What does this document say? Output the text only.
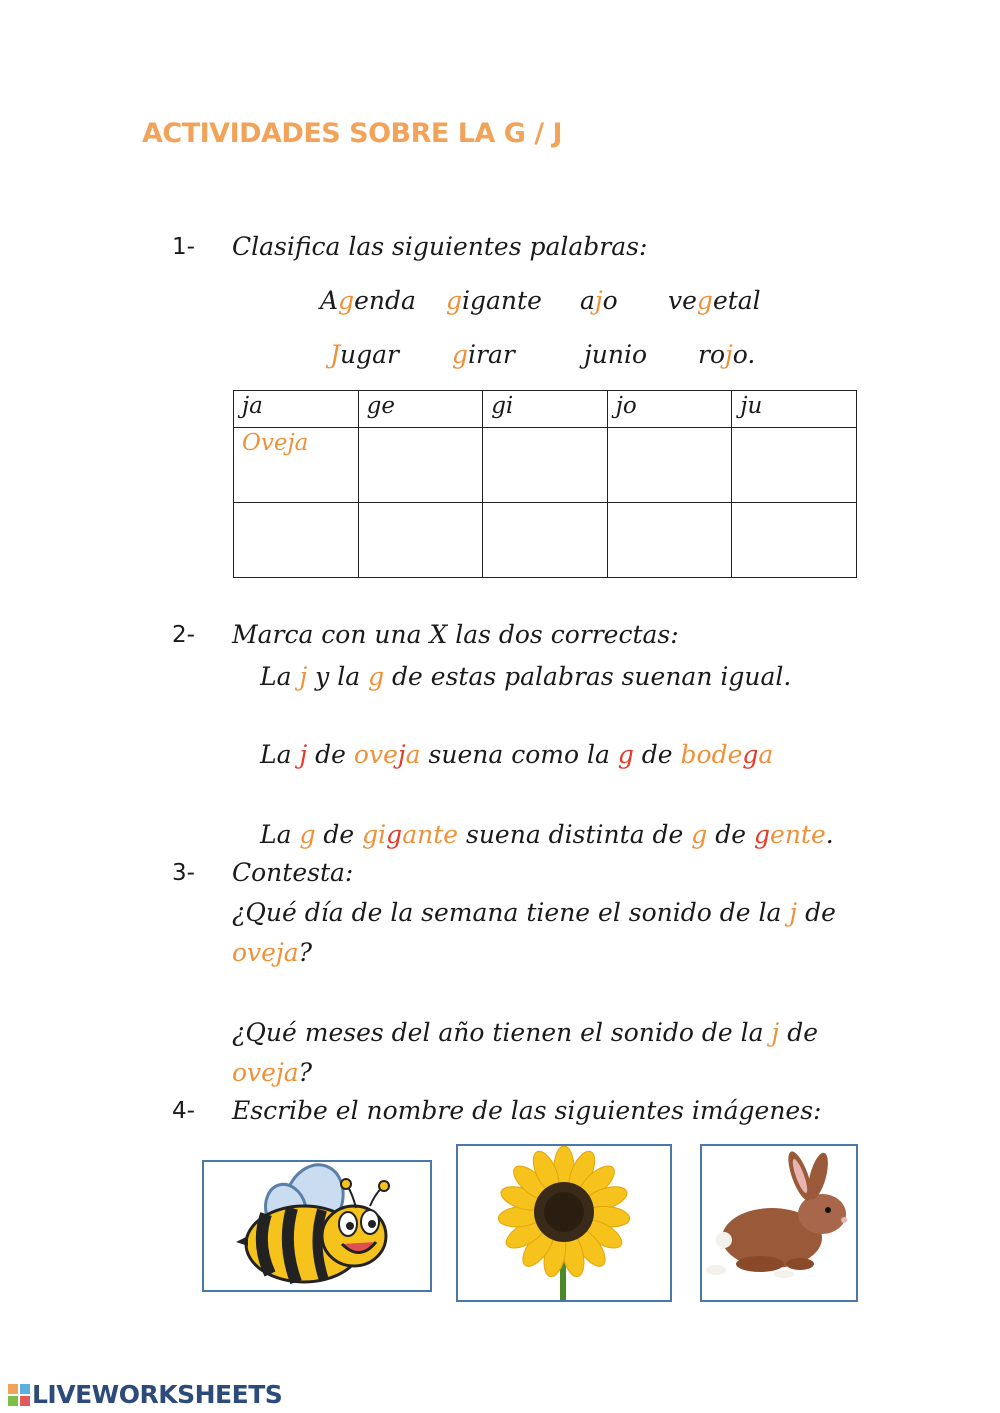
ACTIVIDADES SOBRE LA G / J
1- Clasifica las siguientes palabras:
Agenda gigante ajo vegetal
Jugar girar	junio rojo.
ja	ge	gi	jo	ju
Oveja				

2- Marca con una X las dos correctas:
La j y la g de estas palabras suenan igual.
La j de oveja suena como la g de bodega
La g de gigante suena distinta de g de gente.
3- Contesta:
¿Qué día de la semana tiene el sonido de la j de
oveja?
¿Qué meses del año tienen el sonido de la j de
oveja?
4- Escribe el nombre de las siguientes imágenes:
LIVEWORKSHEETS
